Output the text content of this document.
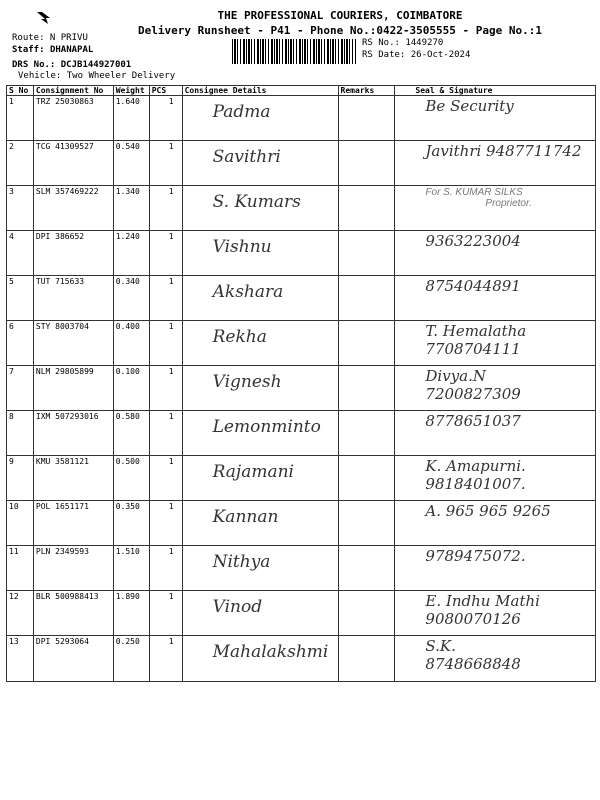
THE PROFESSIONAL COURIERS, COIMBATORE
Delivery Runsheet - P41 - Phone No.:0422-3505555 - Page No.:1
Route: N PRIVU
Staff: DHANAPAL
DRS No.: DCJB144927001
Vehicle: Two Wheeler Delivery
RS No.: 1449270
RS Date: 26-Oct-2024
S No	Consignment No	Weight	PCS	Consignee Details	Remarks	Seal & Signature
1	TRZ 25030863	1.640	1	Padma		Be Security

2	TCG 41309527	0.540	1	Savithri		Javithri 9487711742

3	SLM 357469222	1.340	1	S. Kumars		For S. KUMAR SILKS
Proprietor.

4	DPI 386652	1.240	1	Vishnu		9363223004

5	TUT 715633	0.340	1	Akshara		8754044891

6	STY 8003704	0.400	1	Rekha		T. Hemalatha
7708704111

7	NLM 29805899	0.100	1	Vignesh		Divya.N
7200827309

8	IXM 507293016	0.580	1	Lemonminto		8778651037

9	KMU 3581121	0.500	1	Rajamani		K. Amapurni.
9818401007.

10	POL 1651171	0.350	1	Kannan		A. 965 965 9265

11	PLN 2349593	1.510	1	Nithya		9789475072.

12	BLR 500988413	1.890	1	Vinod		E. Indhu Mathi 9080070126

13	DPI 5293064	0.250	1	Mahalakshmi		S.K.
8748668848
